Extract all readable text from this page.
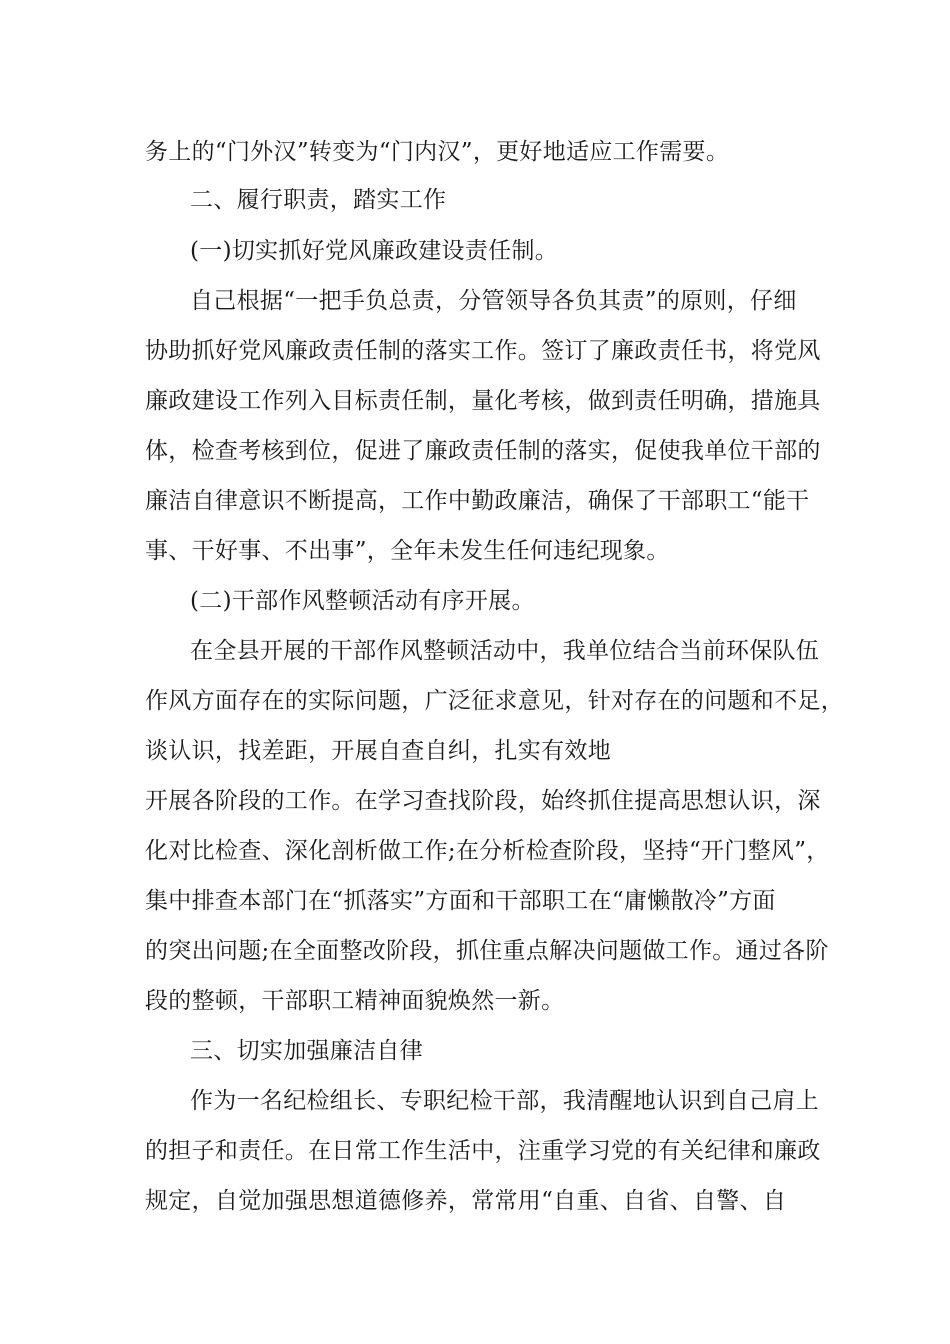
务上的“门外汉”转变为“门内汉”，更好地适应工作需要。
二、履行职责，踏实工作
(一)切实抓好党风廉政建设责任制。
自己根据“一把手负总责，分管领导各负其责”的原则，仔细
协助抓好党风廉政责任制的落实工作。签订了廉政责任书，将党风
廉政建设工作列入目标责任制，量化考核，做到责任明确，措施具
体，检查考核到位，促进了廉政责任制的落实，促使我单位干部的
廉洁自律意识不断提高，工作中勤政廉洁，确保了干部职工“能干
事、干好事、不出事”，全年未发生任何违纪现象。
(二)干部作风整顿活动有序开展。
在全县开展的干部作风整顿活动中，我单位结合当前环保队伍
作风方面存在的实际问题，广泛征求意见，针对存在的问题和不足，
谈认识，找差距，开展自查自纠，扎实有效地
开展各阶段的工作。在学习查找阶段，始终抓住提高思想认识，深
化对比检查、深化剖析做工作;在分析检查阶段，坚持“开门整风”，
集中排查本部门在“抓落实”方面和干部职工在“庸懒散冷”方面
的突出问题;在全面整改阶段，抓住重点解决问题做工作。通过各阶
段的整顿，干部职工精神面貌焕然一新。
三、切实加强廉洁自律
作为一名纪检组长、专职纪检干部，我清醒地认识到自己肩上
的担子和责任。在日常工作生活中，注重学习党的有关纪律和廉政
规定，自觉加强思想道德修养，常常用“自重、自省、自警、自
